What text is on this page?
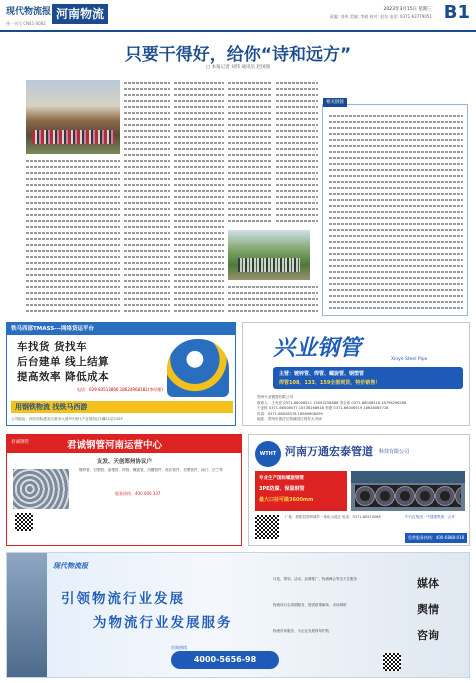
现代物流报
统一刊号 CN41-0082
河南物流	2023年3月15日 星期三
责编: 刘伟 美编: 李斌 校对: 赵东 电话: 0371-63779051 B1
只要干得好，给你“诗和远方”
□ 本报记者 刘伟 通讯员 赵国强
相关链接
铁马西部TMASS---网络货运平台
车找货 货找车
后台建单 线上结算
提高效率 降低成本
电话：029-83513866 18624968182(李经理)
用钢铁物流 找铁马西游
公司地址：西安国际港务区港务大道9号现代产业园西区1幢21层2105
兴业钢管	Xinye Steel Pipe
主营：镀锌管、焊管、螺旋管、钢塑管
焊管108、133、159全部到货，特价销售！
郑州兴业钢管有限公司
联系人：王亮亮 0371-66008511 15093258888 李全伟 0371-66008518 18796296288
于亚栋 0371-66008577 18738168618 李建 0371-66008519 18638085718
传真：0371-66008578 18569808099
地址：郑州市惠济区物流园区管材大市场
君诚钢管	君诚钢管河南运营中心
友发、天创郑州协议户
镀锌管、衬塑管、涂塑管、焊管、螺旋管、沟槽管件、丝扣管件、衬塑管件、阀门、法兰等
服务热线：400 000 337
WTHT 河南万通宏泰管道 科技有限公司
专业生产国标螺旋钢管
3PE防腐、保温钢管
最大口径可做3600mm
厂址：原阳县郑州城乡一体化示范区 电话：0371-60570066	中石化集团 · 中通建集团 · 合作
免费服务热线：400-6888-018
现代物流报
引领物流行业发展
为物流行业发展服务
咨询热线
4000-5656-98
评选、策划、活动、品牌推广、物流峰会等全方位服务
物流项目全周期服务，提供政策解读、市场调研
物流咨询服务，为企业发展保驾护航
媒体
舆情
咨询
